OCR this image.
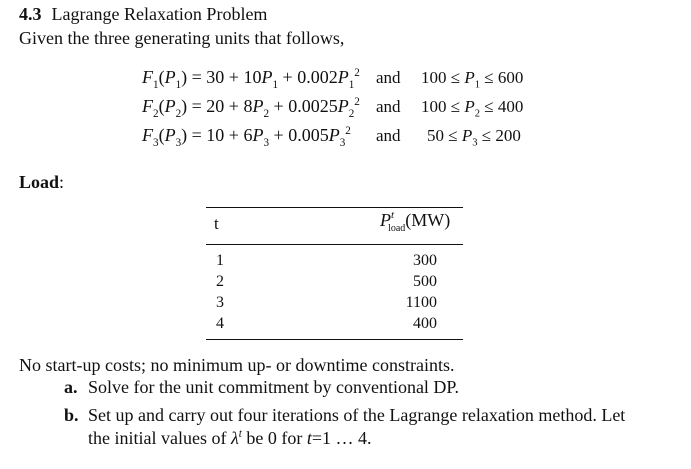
4.3 Lagrange Relaxation Problem
Given the three generating units that follows,
$F_1(P_1) = 30 + 10P_1 + 0.002P_1^2$ and $100 \le P_1 \le 600$
$F_2(P_2) = 20 + 8P_2 + 0.0025P_2^2$ and $100 \le P_2 \le 400$
$F_3(P_3) = 10 + 6P_3 + 0.005P_3^2$ and $50 \le P_3 \le 200$
Load:
t	$P^t_{load}(MW)$
1	300
2	500
3	1100
4	400
No start-up costs; no minimum up- or downtime constraints.
a. Solve for the unit commitment by conventional DP.
b. Set up and carry out four iterations of the Lagrange relaxation method. Let
the initial values of $\lambda^t$ be 0 for t=1 … 4.
